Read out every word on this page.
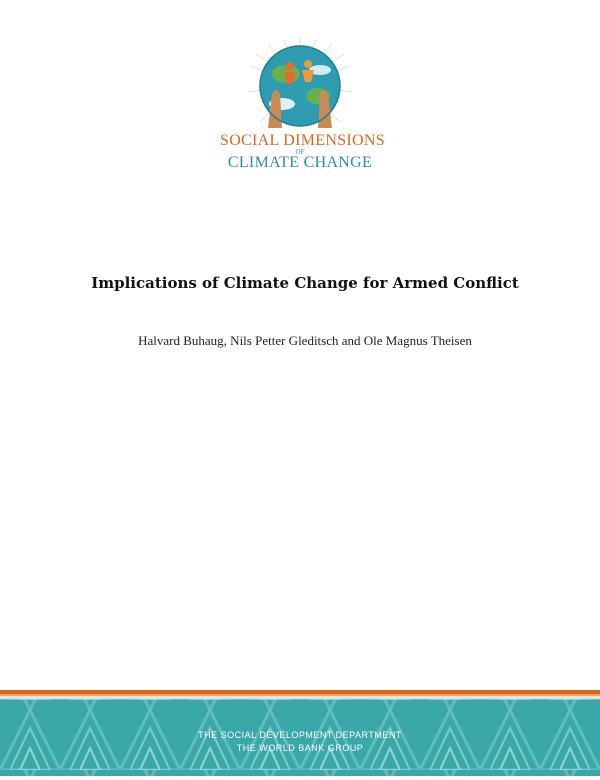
SOCIAL DIMENSIONS
OF
CLIMATE CHANGE
Implications of Climate Change for Armed Conflict
Halvard Buhaug, Nils Petter Gleditsch and Ole Magnus Theisen
THE SOCIAL DEVELOPMENT DEPARTMENT
THE WORLD BANK GROUP
